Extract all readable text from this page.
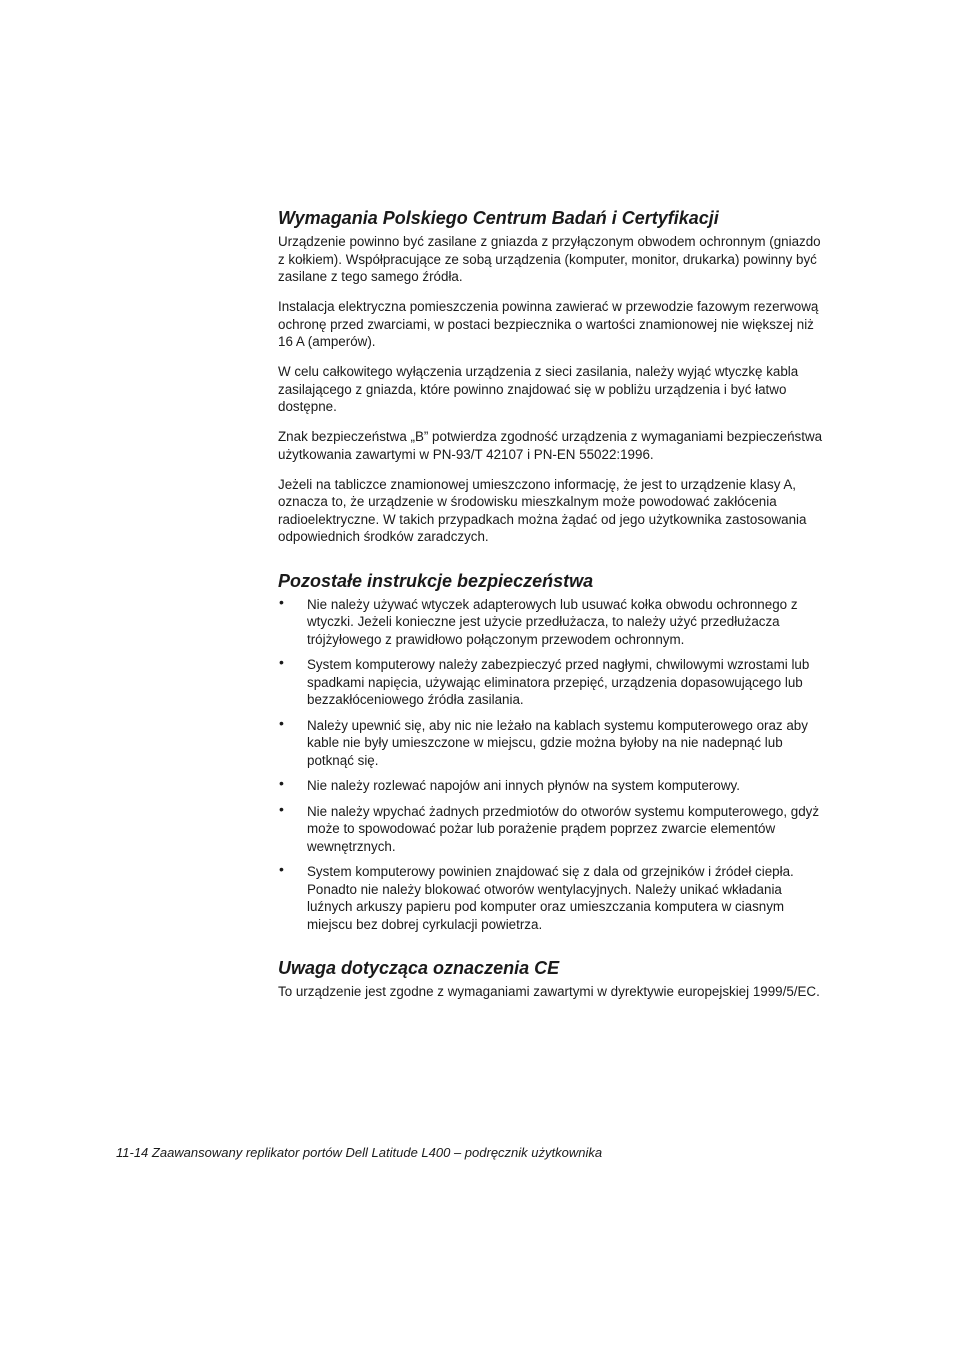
Wymagania Polskiego Centrum Badań i Certyfikacji

Urządzenie powinno być zasilane z gniazda z przyłączonym obwodem ochronnym (gniazdo z kołkiem). Współpracujące ze sobą urządzenia (komputer, monitor, drukarka) powinny być zasilane z tego samego źródła.

Instalacja elektryczna pomieszczenia powinna zawierać w przewodzie fazowym rezerwową ochronę przed zwarciami, w postaci bezpiecznika o wartości znamionowej nie większej niż 16 A (amperów).

W celu całkowitego wyłączenia urządzenia z sieci zasilania, należy wyjąć wtyczkę kabla zasilającego z gniazda, które powinno znajdować się w pobliżu urządzenia i być łatwo dostępne.

Znak bezpieczeństwa „B” potwierdza zgodność urządzenia z wymaganiami bezpieczeństwa użytkowania zawartymi w PN-93/T 42107 i PN-EN 55022:1996.

Jeżeli na tabliczce znamionowej umieszczono informację, że jest to urządzenie klasy A, oznacza to, że urządzenie w środowisku mieszkalnym może powodować zakłócenia radioelektryczne. W takich przypadkach można żądać od jego użytkownika zastosowania odpowiednich środków zaradczych.

Pozostałe instrukcje bezpieczeństwa
• Nie należy używać wtyczek adapterowych lub usuwać kołka obwodu ochronnego z wtyczki. Jeżeli konieczne jest użycie przedłużacza, to należy użyć przedłużacza trójżyłowego z prawidłowo połączonym przewodem ochronnym.
• System komputerowy należy zabezpieczyć przed nagłymi, chwilowymi wzrostami lub spadkami napięcia, używając eliminatora przepięć, urządzenia dopasowującego lub bezzakłóceniowego źródła zasilania.
• Należy upewnić się, aby nic nie leżało na kablach systemu komputerowego oraz aby kable nie były umieszczone w miejscu, gdzie można byłoby na nie nadepnąć lub potknąć się.
• Nie należy rozlewać napojów ani innych płynów na system komputerowy.
• Nie należy wpychać żadnych przedmiotów do otworów systemu komputerowego, gdyż może to spowodować pożar lub porażenie prądem poprzez zwarcie elementów wewnętrznych.
• System komputerowy powinien znajdować się z dala od grzejników i źródeł ciepła. Ponadto nie należy blokować otworów wentylacyjnych. Należy unikać wkładania luźnych arkuszy papieru pod komputer oraz umieszczania komputera w ciasnym miejscu bez dobrej cyrkulacji powietrza.
Uwaga dotycząca oznaczenia CE

To urządzenie jest zgodne z wymaganiami zawartymi w dyrektywie europejskiej 1999/5/EC.

11-14 Zaawansowany replikator portów Dell Latitude L400 – podręcznik użytkownika
